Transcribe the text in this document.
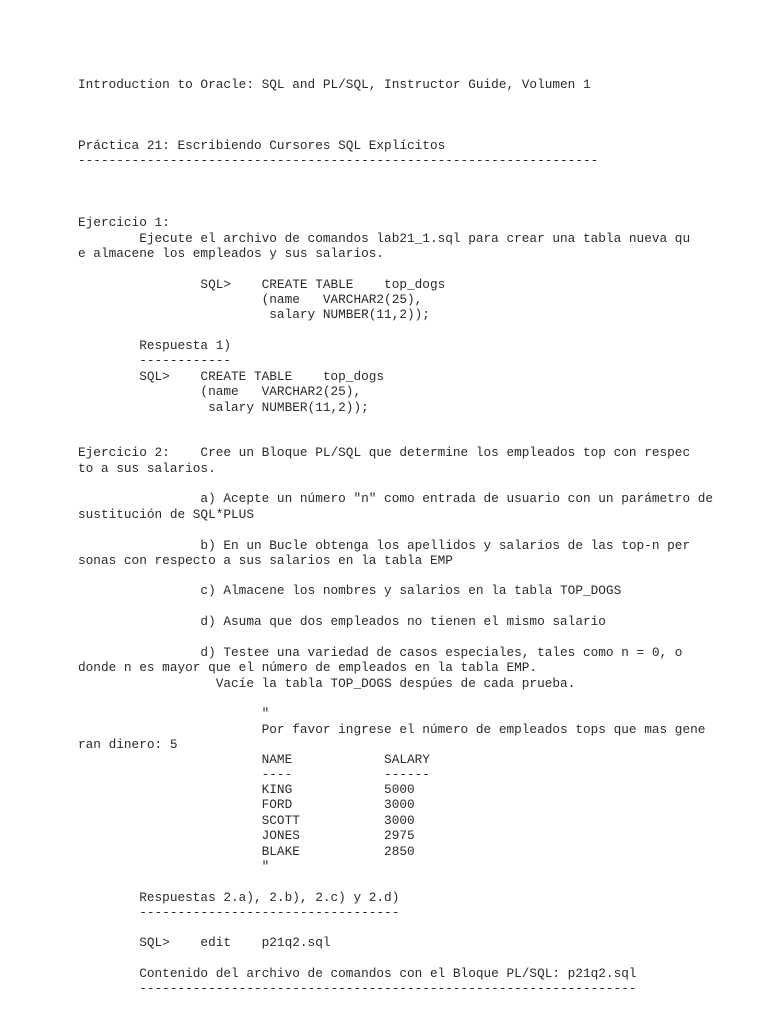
Introduction to Oracle: SQL and PL/SQL, Instructor Guide, Volumen 1

Práctica 21: Escribiendo Cursores SQL Explícitos

--------------------------------------------------------------------

Ejercicio 1:

Ejecute el archivo de comandos lab21_1.sql para crear una tabla nueva qu

e almacene los empleados y sus salarios.

SQL>    CREATE TABLE    top_dogs

(name   VARCHAR2(25),

salary NUMBER(11,2));

Respuesta 1)

------------

SQL>    CREATE TABLE    top_dogs

(name   VARCHAR2(25),

salary NUMBER(11,2));

Ejercicio 2:    Cree un Bloque PL/SQL que determine los empleados top con respec

to a sus salarios.

a) Acepte un número "n" como entrada de usuario con un parámetro de

sustitución de SQL*PLUS

b) En un Bucle obtenga los apellidos y salarios de las top-n per

sonas con respecto a sus salarios en la tabla EMP

c) Almacene los nombres y salarios en la tabla TOP_DOGS

d) Asuma que dos empleados no tienen el mismo salario

d) Testee una variedad de casos especiales, tales como n = 0, o

donde n es mayor que el número de empleados en la tabla EMP.

Vacíe la tabla TOP_DOGS despúes de cada prueba.

"

Por favor ingrese el número de empleados tops que mas gene

ran dinero: 5

NAME            SALARY

----            ------

KING            5000

FORD            3000

SCOTT           3000

JONES           2975

BLAKE           2850

"

Respuestas 2.a), 2.b), 2.c) y 2.d)

----------------------------------

SQL>    edit    p21q2.sql

Contenido del archivo de comandos con el Bloque PL/SQL: p21q2.sql

-----------------------------------------------------------------
